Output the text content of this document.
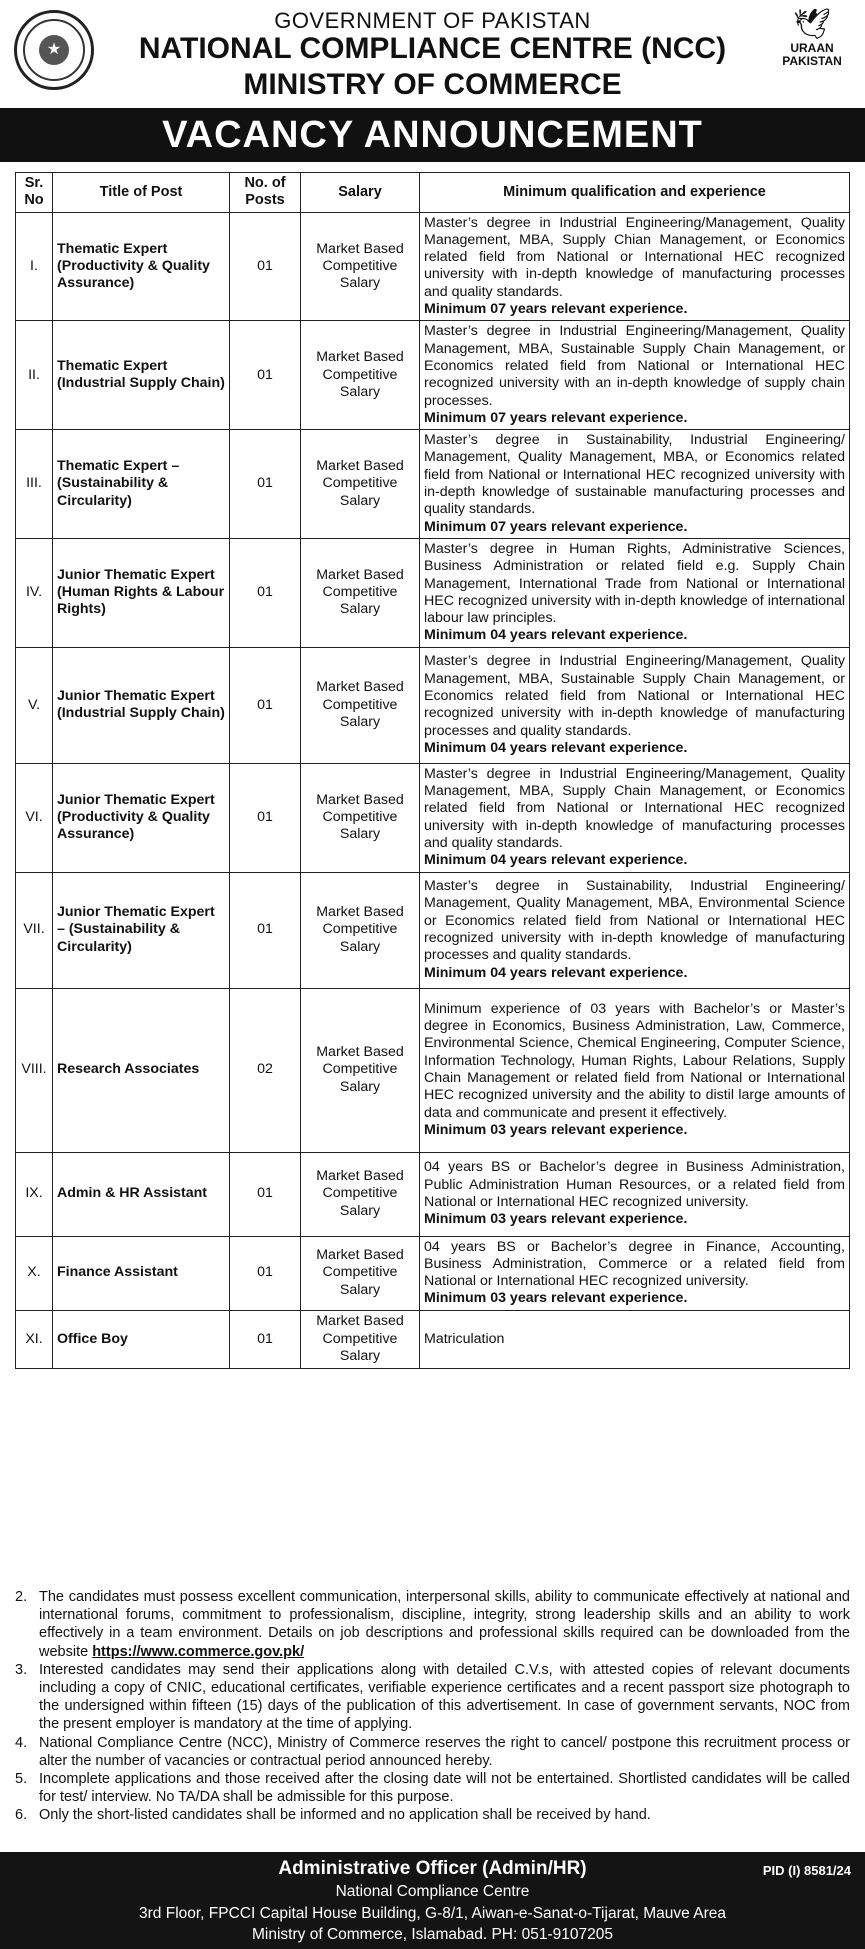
★
GOVERNMENT OF PAKISTAN
NATIONAL COMPLIANCE CENTRE (NCC)
MINISTRY OF COMMERCE
🕊
URAAN PAKISTAN
VACANCY ANNOUNCEMENT
Sr. No	Title of Post	No. of Posts	Salary	Minimum qualification and experience
I.	Thematic Expert (Productivity & Quality Assurance)	01	Market Based Competitive Salary	Master’s degree in Industrial Engineering/Management, Quality Management, MBA, Supply Chian Management, or Economics related field from National or International HEC recognized university with in-depth knowledge of manufacturing processes and quality standards.
Minimum 07 years relevant experience.

II.	Thematic Expert (Industrial Supply Chain)	01	Market Based Competitive Salary	Master’s degree in Industrial Engineering/Management, Quality Management, MBA, Sustainable Supply Chain Management, or Economics related field from National or International HEC recognized university with an in-depth knowledge of supply chain processes.
Minimum 07 years relevant experience.

III.	Thematic Expert – (Sustainability & Circularity)	01	Market Based Competitive Salary	Master’s degree in Sustainability, Industrial Engineering/ Management, Quality Management, MBA, or Economics related field from National or International HEC recognized university with in-depth knowledge of sustainable manufacturing processes and quality standards.
Minimum 07 years relevant experience.

IV.	Junior Thematic Expert (Human Rights & Labour Rights)	01	Market Based Competitive Salary	Master’s degree in Human Rights, Administrative Sciences, Business Administration or related field e.g. Supply Chain Management, International Trade from National or International HEC recognized university with in-depth knowledge of international labour law principles.
Minimum 04 years relevant experience.

V.	Junior Thematic Expert (Industrial Supply Chain)	01	Market Based Competitive Salary	Master’s degree in Industrial Engineering/Management, Quality Management, MBA, Sustainable Supply Chain Management, or Economics related field from National or International HEC recognized university with in-depth knowledge of manufacturing processes and quality standards.
Minimum 04 years relevant experience.

VI.	Junior Thematic Expert (Productivity & Quality Assurance)	01	Market Based Competitive Salary	Master’s degree in Industrial Engineering/Management, Quality Management, MBA, Supply Chain Management, or Economics related field from National or International HEC recognized university with in-depth knowledge of manufacturing processes and quality standards.
Minimum 04 years relevant experience.

VII.	Junior Thematic Expert – (Sustainability & Circularity)	01	Market Based Competitive Salary	Master’s degree in Sustainability, Industrial Engineering/ Management, Quality Management, MBA, Environmental Science or Economics related field from National or International HEC recognized university with in-depth knowledge of manufacturing processes and quality standards.
Minimum 04 years relevant experience.

VIII.	Research Associates	02	Market Based Competitive Salary	Minimum experience of 03 years with Bachelor’s or Master’s degree in Economics, Business Administration, Law, Commerce, Environmental Science, Chemical Engineering, Computer Science, Information Technology, Human Rights, Labour Relations, Supply Chain Management or related field from National or International HEC recognized university and the ability to distil large amounts of data and communicate and present it effectively.
Minimum 03 years relevant experience.

IX.	Admin & HR Assistant	01	Market Based Competitive Salary	04 years BS or Bachelor’s degree in Business Administration, Public Administration Human Resources, or a related field from National or International HEC recognized university.
Minimum 03 years relevant experience.

X.	Finance Assistant	01	Market Based Competitive Salary	04 years BS or Bachelor’s degree in Finance, Accounting, Business Administration, Commerce or a related field from National or International HEC recognized university.
Minimum 03 years relevant experience.

XI.	Office Boy	01	Market Based Competitive Salary	Matriculation
2. The candidates must possess excellent communication, interpersonal skills, ability to communicate effectively at national and international forums, commitment to professionalism, discipline, integrity, strong leadership skills and an ability to work effectively in a team environment. Details on job descriptions and professional skills required can be downloaded from the website https://www.commerce.gov.pk/
3. Interested candidates may send their applications along with detailed C.V.s, with attested copies of relevant documents including a copy of CNIC, educational certificates, verifiable experience certificates and a recent passport size photograph to the undersigned within fifteen (15) days of the publication of this advertisement. In case of government servants, NOC from the present employer is mandatory at the time of applying.
4. National Compliance Centre (NCC), Ministry of Commerce reserves the right to cancel/ postpone this recruitment process or alter the number of vacancies or contractual period announced hereby.
5. Incomplete applications and those received after the closing date will not be entertained. Shortlisted candidates will be called for test/ interview. No TA/DA shall be admissible for this purpose.
6. Only the short-listed candidates shall be informed and no application shall be received by hand.
Administrative Officer (Admin/HR)	PID (I) 8581/24
National Compliance Centre
3rd Floor, FPCCI Capital House Building, G-8/1, Aiwan-e-Sanat-o-Tijarat, Mauve Area
Ministry of Commerce, Islamabad. PH: 051-9107205
